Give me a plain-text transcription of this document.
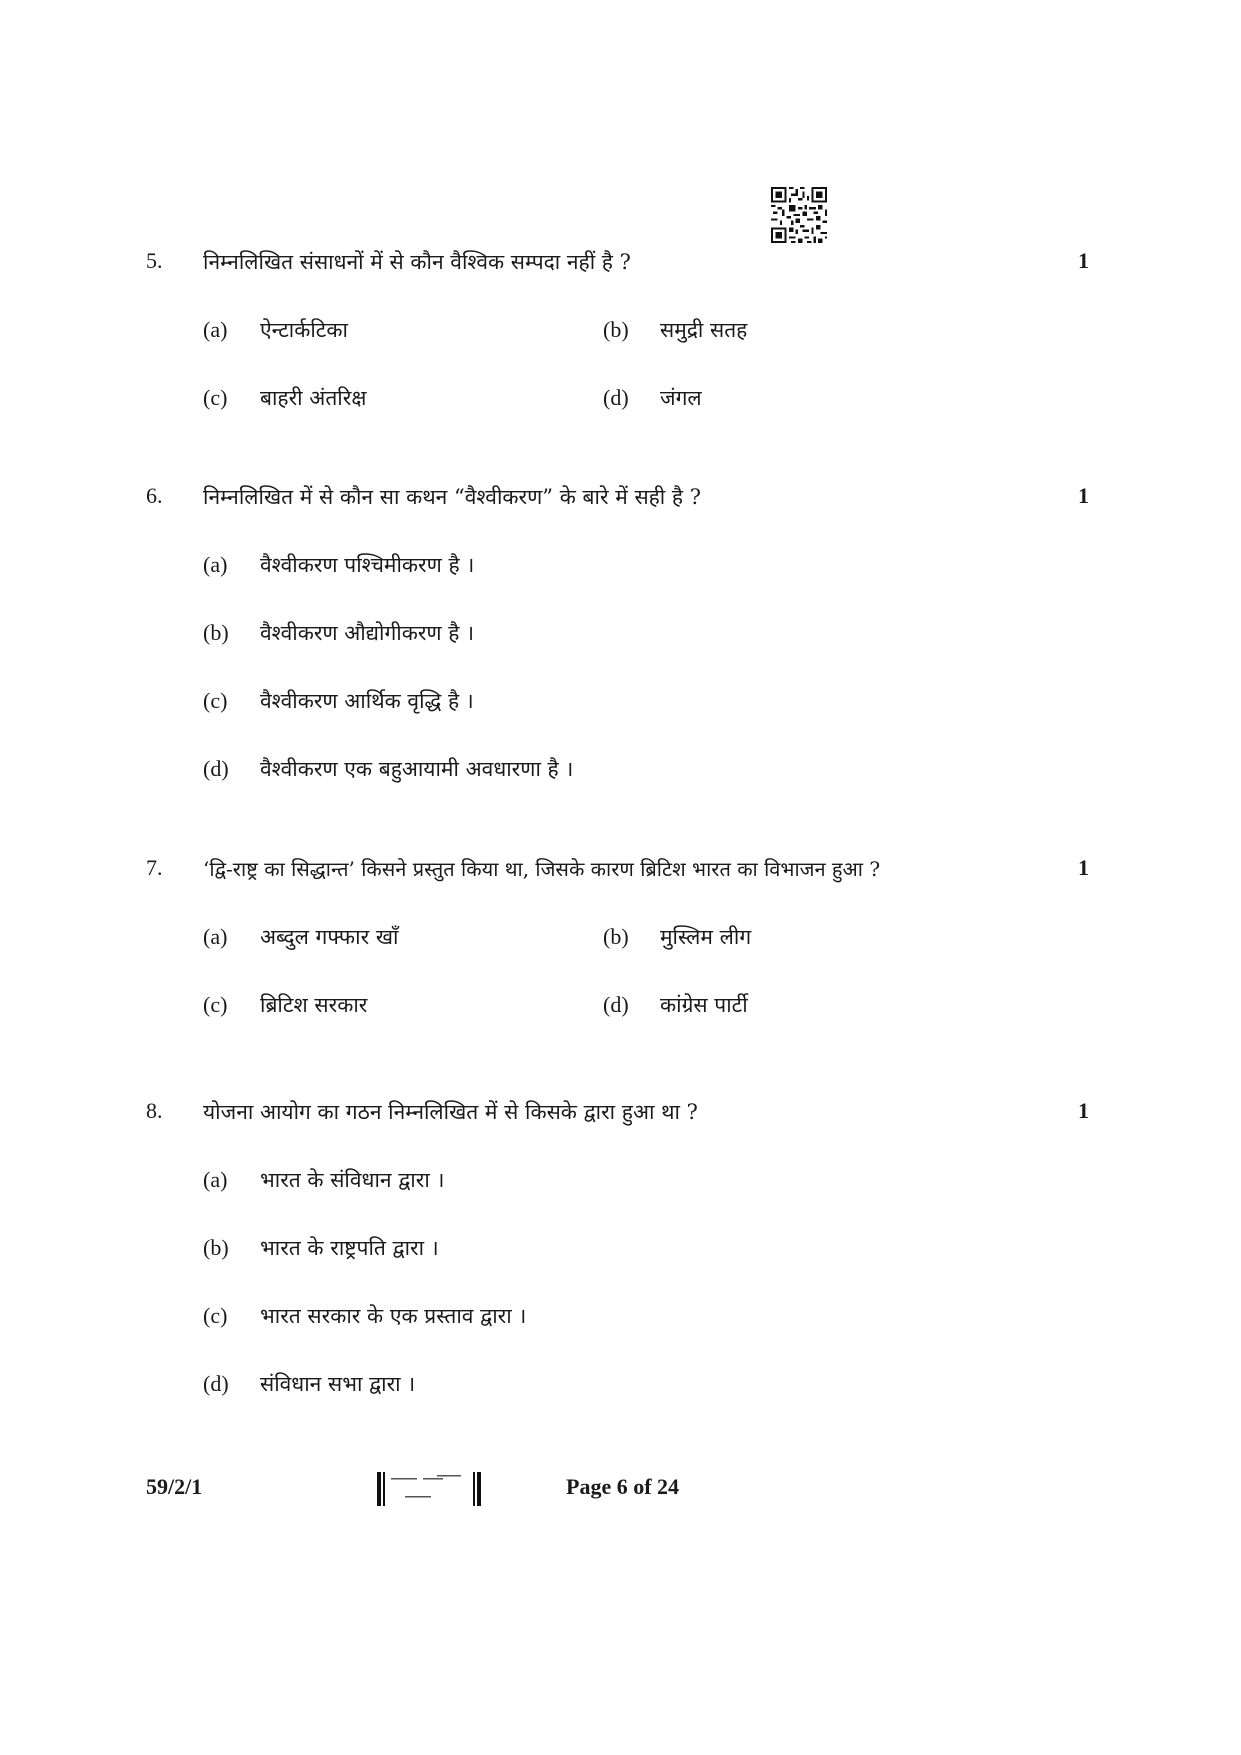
5. निम्नलिखित संसाधनों में से कौन वैश्विक सम्पदा नहीं है ?	1
(a) ऐन्टार्कटिका	(b) समुद्री सतह
(c) बाहरी अंतरिक्ष	(d) जंगल
6. निम्नलिखित में से कौन सा कथन “वैश्वीकरण” के बारे में सही है ?	1
(a) वैश्वीकरण पश्चिमीकरण है ।
(b) वैश्वीकरण औद्योगीकरण है ।
(c) वैश्वीकरण आर्थिक वृद्धि है ।
(d) वैश्वीकरण एक बहुआयामी अवधारणा है ।
7. ‘द्वि-राष्ट्र का सिद्धान्त’ किसने प्रस्तुत किया था, जिसके कारण ब्रिटिश भारत का विभाजन हुआ ?	1
(a) अब्दुल गफ्फार खाँ	(b) मुस्लिम लीग
(c) ब्रिटिश सरकार	(d) कांग्रेस पार्टी
8. योजना आयोग का गठन निम्नलिखित में से किसके द्वारा हुआ था ?	1
(a) भारत के संविधान द्वारा ।
(b) भारत के राष्ट्रपति द्वारा ।
(c) भारत सरकार के एक प्रस्ताव द्वारा ।
(d) संविधान सभा द्वारा ।
59/2/1	Page 6 of 24
